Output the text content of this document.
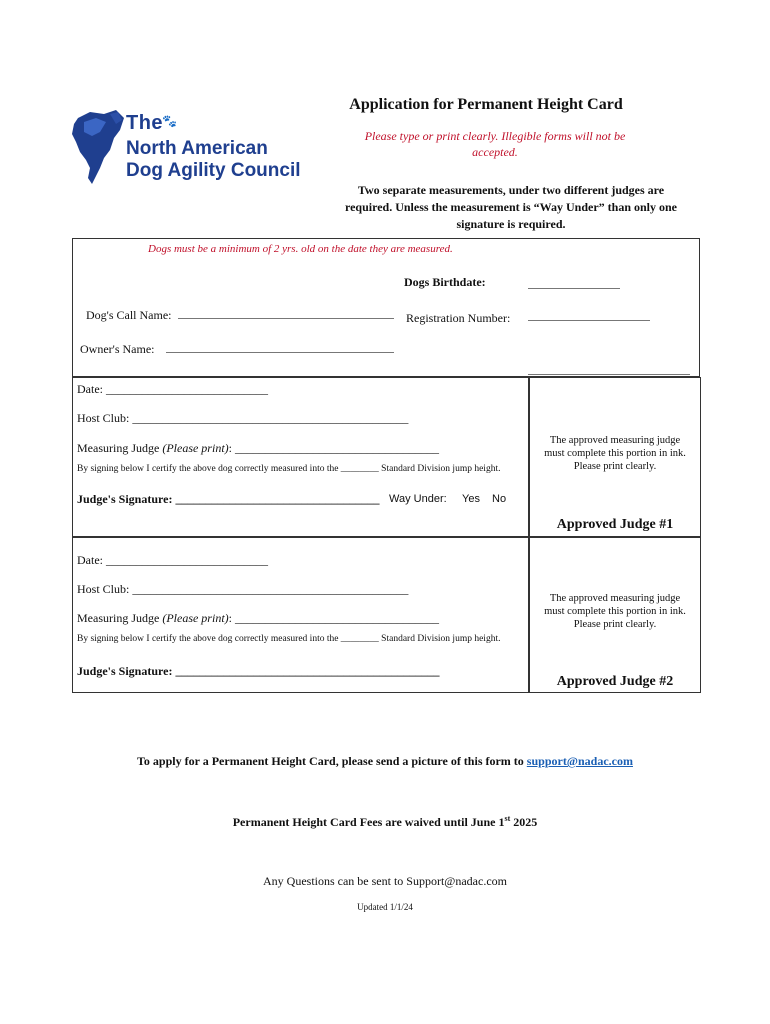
The
🐾
North American
Dog Agility Council
Application for Permanent Height Card
Please type or print clearly. Illegible forms will not be
accepted.
Two separate measurements, under two different judges are
required. Unless the measurement is “Way Under” than only one
signature is required.
Dogs must be a minimum of 2 yrs. old on the date they are measured.
Dogs Birthdate:
Dog's Call Name:	Registration Number:
Owner's Name:
Date: ___________________________
Host Club: ______________________________________________
Measuring Judge (Please print): __________________________________
By signing below I certify the above dog correctly measured into the ________ Standard Division jump height.
Judge's Signature: __________________________________ Way Under: Yes No
The approved measuring judge
must complete this portion in ink.
Please print clearly.
Approved Judge #1
Date: ___________________________
Host Club: ______________________________________________
Measuring Judge (Please print): __________________________________
By signing below I certify the above dog correctly measured into the ________ Standard Division jump height.
Judge's Signature: ____________________________________________
The approved measuring judge
must complete this portion in ink.
Please print clearly.
Approved Judge #2
To apply for a Permanent Height Card, please send a picture of this form to support@nadac.com
Permanent Height Card Fees are waived until June 1st 2025
Any Questions can be sent to Support@nadac.com
Updated 1/1/24
